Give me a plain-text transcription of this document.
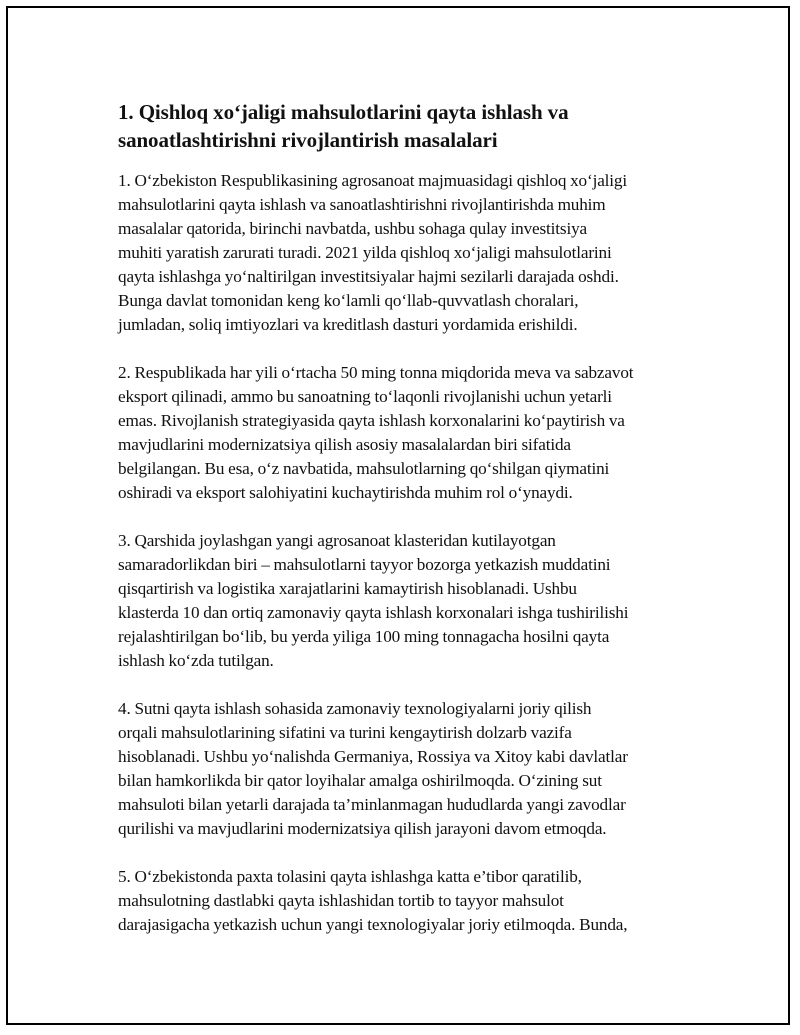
1. Qishloq xo‘jaligi mahsulotlarini qayta ishlash va
sanoatlashtirishni rivojlantirish masalalari

1. O‘zbekiston Respublikasining agrosanoat majmuasidagi qishloq xo‘jaligi
mahsulotlarini qayta ishlash va sanoatlashtirishni rivojlantirishda muhim
masalalar qatorida, birinchi navbatda, ushbu sohaga qulay investitsiya
muhiti yaratish zarurati turadi. 2021 yilda qishloq xo‘jaligi mahsulotlarini
qayta ishlashga yo‘naltirilgan investitsiyalar hajmi sezilarli darajada oshdi.
Bunga davlat tomonidan keng ko‘lamli qo‘llab-quvvatlash choralari,
jumladan, soliq imtiyozlari va kreditlash dasturi yordamida erishildi.

2. Respublikada har yili o‘rtacha 50 ming tonna miqdorida meva va sabzavot
eksport qilinadi, ammo bu sanoatning to‘laqonli rivojlanishi uchun yetarli
emas. Rivojlanish strategiyasida qayta ishlash korxonalarini ko‘paytirish va
mavjudlarini modernizatsiya qilish asosiy masalalardan biri sifatida
belgilangan. Bu esa, o‘z navbatida, mahsulotlarning qo‘shilgan qiymatini
oshiradi va eksport salohiyatini kuchaytirishda muhim rol o‘ynaydi.

3. Qarshida joylashgan yangi agrosanoat klasteridan kutilayotgan
samaradorlikdan biri – mahsulotlarni tayyor bozorga yetkazish muddatini
qisqartirish va logistika xarajatlarini kamaytirish hisoblanadi. Ushbu
klasterda 10 dan ortiq zamonaviy qayta ishlash korxonalari ishga tushirilishi
rejalashtirilgan bo‘lib, bu yerda yiliga 100 ming tonnagacha hosilni qayta
ishlash ko‘zda tutilgan.

4. Sutni qayta ishlash sohasida zamonaviy texnologiyalarni joriy qilish
orqali mahsulotlarining sifatini va turini kengaytirish dolzarb vazifa
hisoblanadi. Ushbu yo‘nalishda Germaniya, Rossiya va Xitoy kabi davlatlar
bilan hamkorlikda bir qator loyihalar amalga oshirilmoqda. O‘zining sut
mahsuloti bilan yetarli darajada ta’minlanmagan hududlarda yangi zavodlar
qurilishi va mavjudlarini modernizatsiya qilish jarayoni davom etmoqda.

5. O‘zbekistonda paxta tolasini qayta ishlashga katta e’tibor qaratilib,
mahsulotning dastlabki qayta ishlashidan tortib to tayyor mahsulot
darajasigacha yetkazish uchun yangi texnologiyalar joriy etilmoqda. Bunda,
